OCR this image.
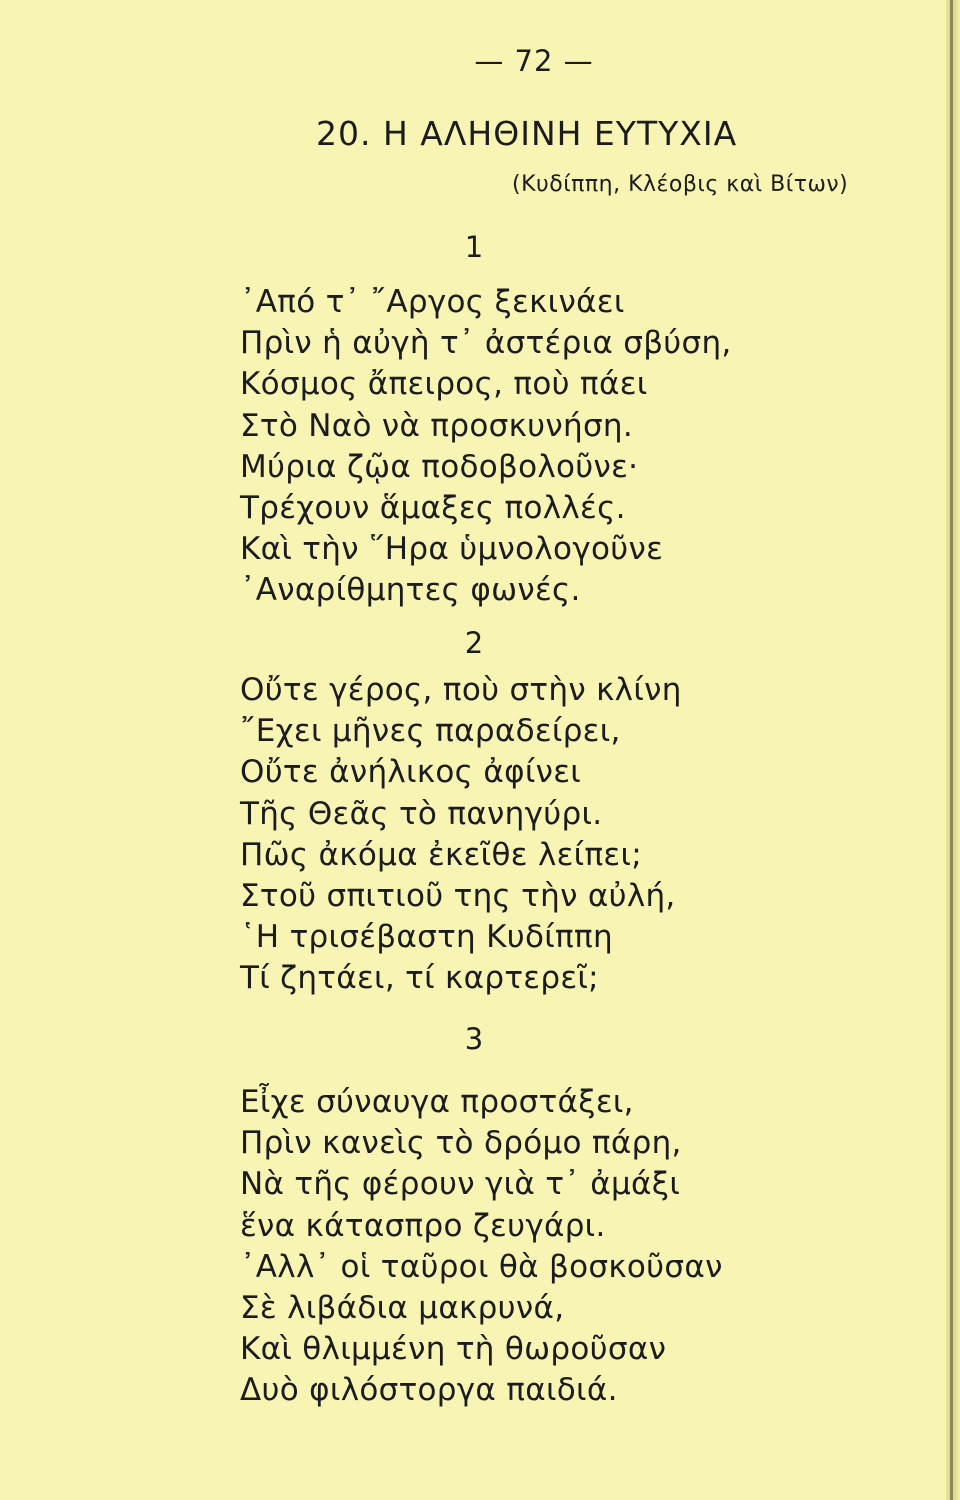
— 72 —
20. Η ΑΛΗΘΙΝΗ ΕΥΤΥΧΙΑ
(Κυδίππη, Κλέοβις καὶ Βίτων)
1
᾿Από τ᾿ ῎Αργος ξεκινάει
Πρὶν ἡ αὐγὴ τ᾿ ἀστέρια σβύση,
Κόσμος ἄπειρος, ποὺ πάει
Στὸ Ναὸ νὰ προσκυνήση.
Μύρια ζῷα ποδοβολοῦνε·
Τρέχουν ἅμαξες πολλές.
Καὶ τὴν ῞Ηρα ὑμνολογοῦνε
᾿Αναρίθμητες φωνές.
2
Οὔτε γέρος, ποὺ στὴν κλίνη
῎Εχει μῆνες παραδείρει,
Οὔτε ἀνήλικος ἀφίνει
Τῆς Θεᾶς τὸ πανηγύρι.
Πῶς ἀκόμα ἐκεῖθε λείπει;
Στοῦ σπιτιοῦ της τὴν αὐλή,
῾Η τρισέβαστη Κυδίππη
Τί ζητάει, τί καρτερεῖ;
3
Εἶχε σύναυγα προστάξει,
Πρὶν κανεὶς τὸ δρόμο πάρη,
Νὰ τῆς φέρουν γιὰ τ᾿ ἀμάξι
ἕνα κάτασπρο ζευγάρι.
᾿Αλλ᾿ οἱ ταῦροι θὰ βοσκοῦσαν
Σὲ λιβάδια μακρυνά,
Καὶ θλιμμένη τὴ θωροῦσαν
Δυὸ φιλόστοργα παιδιά.
